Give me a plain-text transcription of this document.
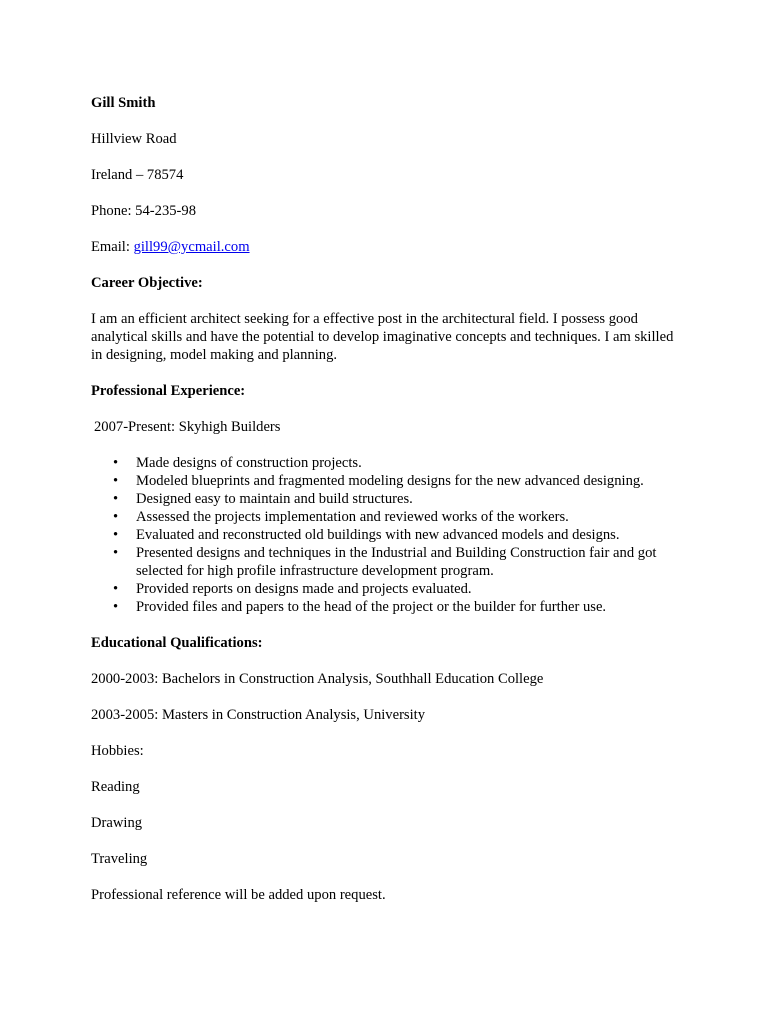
Gill Smith

Hillview Road

Ireland – 78574

Phone: 54-235-98

Email: gill99@ycmail.com

Career Objective:

I am an efficient architect seeking for a effective post in the architectural field. I possess good analytical skills and have the potential to develop imaginative concepts and techniques. I am skilled in designing, model making and planning.

Professional Experience:

2007-Present: Skyhigh Builders

• Made designs of construction projects.
• Modeled blueprints and fragmented modeling designs for the new advanced designing.
• Designed easy to maintain and build structures.
• Assessed the projects implementation and reviewed works of the workers.
• Evaluated and reconstructed old buildings with new advanced models and designs.
• Presented designs and techniques in the Industrial and Building Construction fair and got selected for high profile infrastructure development program.
• Provided reports on designs made and projects evaluated.
• Provided files and papers to the head of the project or the builder for further use.

Educational Qualifications:

2000-2003: Bachelors in Construction Analysis, Southhall Education College

2003-2005: Masters in Construction Analysis, University

Hobbies:

Reading

Drawing

Traveling

Professional reference will be added upon request.
